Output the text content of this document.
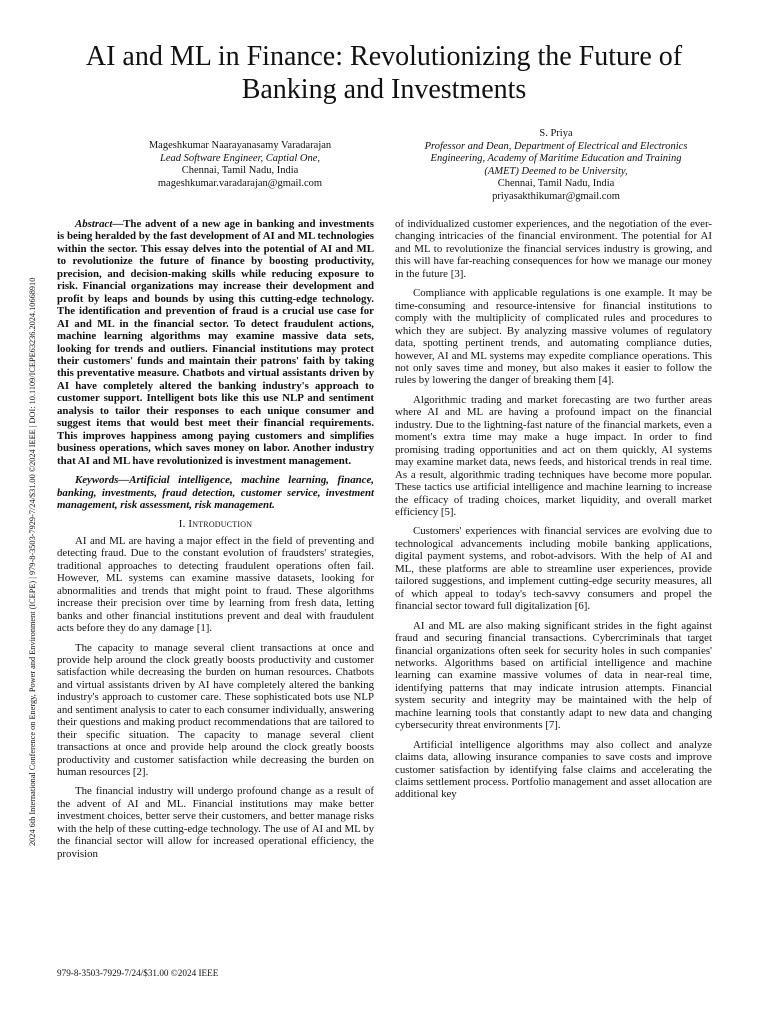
2024 6th International Conference on Energy, Power and Environment (ICEPE) | 979-8-3503-7929-7/24/$31.00 ©2024 IEEE | DOI: 10.1109/ICEPE63236.2024.10668910
AI and ML in Finance: Revolutionizing the Future of Banking and Investments
Mageshkumar Naarayanasamy Varadarajan
Lead Software Engineer, Captial One,
Chennai, Tamil Nadu, India
mageshkumar.varadarajan@gmail.com
S. Priya
Professor and Dean, Department of Electrical and Electronics
Engineering, Academy of Maritime Education and Training
(AMET) Deemed to be University,
Chennai, Tamil Nadu, India
priyasakthikumar@gmail.com

Abstract—The advent of a new age in banking and investments is being heralded by the fast development of AI and ML technologies within the sector. This essay delves into the potential of AI and ML to revolutionize the future of finance by boosting productivity, precision, and decision-making skills while reducing exposure to risk. Financial organizations may increase their development and profit by leaps and bounds by using this cutting-edge technology. The identification and prevention of fraud is a crucial use case for AI and ML in the financial sector. To detect fraudulent actions, machine learning algorithms may examine massive data sets, looking for trends and outliers. Financial institutions may protect their customers' funds and maintain their patrons' faith by taking this preventative measure. Chatbots and virtual assistants driven by AI have completely altered the banking industry's approach to customer support. Intelligent bots like this use NLP and sentiment analysis to tailor their responses to each unique consumer and suggest items that would best meet their financial requirements. This improves happiness among paying customers and simplifies business operations, which saves money on labor. Another industry that AI and ML have revolutionized is investment management.

Keywords—Artificial intelligence, machine learning, finance, banking, investments, fraud detection, customer service, investment management, risk assessment, risk management.

I. Introduction

AI and ML are having a major effect in the field of preventing and detecting fraud. Due to the constant evolution of fraudsters' strategies, traditional approaches to detecting fraudulent operations often fail. However, ML systems can examine massive datasets, looking for abnormalities and trends that might point to fraud. These algorithms increase their precision over time by learning from fresh data, letting banks and other financial institutions prevent and deal with fraudulent acts before they do any damage [1].

The capacity to manage several client transactions at once and provide help around the clock greatly boosts productivity and customer satisfaction while decreasing the burden on human resources. Chatbots and virtual assistants driven by AI have completely altered the banking industry's approach to customer care. These sophisticated bots use NLP and sentiment analysis to cater to each consumer individually, answering their questions and making product recommendations that are tailored to their specific situation. The capacity to manage several client transactions at once and provide help around the clock greatly boosts productivity and customer satisfaction while decreasing the burden on human resources [2].

The financial industry will undergo profound change as a result of the advent of AI and ML. Financial institutions may make better investment choices, better serve their customers, and better manage risks with the help of these cutting-edge technology. The use of AI and ML by the financial sector will allow for increased operational efficiency, the provision

of individualized customer experiences, and the negotiation of the ever-changing intricacies of the financial environment. The potential for AI and ML to revolutionize the financial services industry is growing, and this will have far-reaching consequences for how we manage our money in the future [3].

Compliance with applicable regulations is one example. It may be time-consuming and resource-intensive for financial institutions to comply with the multiplicity of complicated rules and procedures to which they are subject. By analyzing massive volumes of regulatory data, spotting pertinent trends, and automating compliance duties, however, AI and ML systems may expedite compliance operations. This not only saves time and money, but also makes it easier to follow the rules by lowering the danger of breaking them [4].

Algorithmic trading and market forecasting are two further areas where AI and ML are having a profound impact on the financial industry. Due to the lightning-fast nature of the financial markets, even a moment's extra time may make a huge impact. In order to find promising trading opportunities and act on them quickly, AI systems may examine market data, news feeds, and historical trends in real time. As a result, algorithmic trading techniques have become more popular. These tactics use artificial intelligence and machine learning to increase the efficacy of trading choices, market liquidity, and overall market efficiency [5].

Customers' experiences with financial services are evolving due to technological advancements including mobile banking applications, digital payment systems, and robot-advisors. With the help of AI and ML, these platforms are able to streamline user experiences, provide tailored suggestions, and implement cutting-edge security measures, all of which appeal to today's tech-savvy consumers and propel the financial sector toward full digitalization [6].

AI and ML are also making significant strides in the fight against fraud and securing financial transactions. Cybercriminals that target financial organizations often seek for security holes in such companies' networks. Algorithms based on artificial intelligence and machine learning can examine massive volumes of data in near-real time, identifying patterns that may indicate intrusion attempts. Financial system security and integrity may be maintained with the help of machine learning tools that constantly adapt to new data and changing cybersecurity threat environments [7].

Artificial intelligence algorithms may also collect and analyze claims data, allowing insurance companies to save costs and improve customer satisfaction by identifying false claims and accelerating the claims settlement process. Portfolio management and asset allocation are additional key

979-8-3503-7929-7/24/$31.00 ©2024 IEEE
